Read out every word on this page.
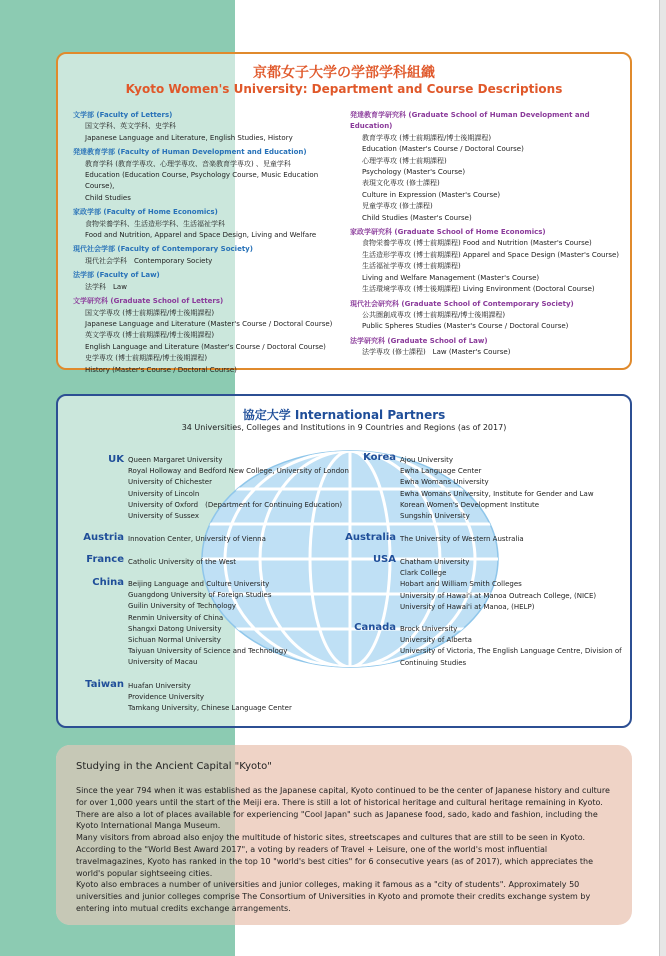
京都女子大学の学部学科組織
Kyoto Women's University: Department and Course Descriptions
文学部 (Faculty of Letters)
国文学科、英文学科、史学科
Japanese Language and Literature, English Studies, History
発達教育学部 (Faculty of Human Development and Education)
教育学科 (教育学専攻、心理学専攻、音楽教育学専攻) 、児童学科
Education (Education Course, Psychology Course, Music Education Course),
Child Studies
家政学部 (Faculty of Home Economics)
食物栄養学科、生活造形学科、生活福祉学科
Food and Nutrition, Apparel and Space Design, Living and Welfare
現代社会学部 (Faculty of Contemporary Society)
現代社会学科　Contemporary Society
法学部 (Faculty of Law)
法学科　Law
文学研究科 (Graduate School of Letters)
国文学専攻 (博士前期課程/博士後期課程)
Japanese Language and Literature (Master's Course / Doctoral Course)
英文学専攻 (博士前期課程/博士後期課程)
English Language and Literature (Master's Course / Doctoral Course)
史学専攻 (博士前期課程/博士後期課程)
History (Master's Course / Doctoral Course)
発達教育学研究科 (Graduate School of Human Development and Education)
教育学専攻 (博士前期課程/博士後期課程)
Education (Master's Course / Doctoral Course)
心理学専攻 (博士前期課程)
Psychology (Master's Course)
表現文化専攻 (修士課程)
Culture in Expression (Master's Course)
児童学専攻 (修士課程)
Child Studies (Master's Course)
家政学研究科 (Graduate School of Home Economics)
食物栄養学専攻 (博士前期課程) Food and Nutrition (Master's Course)
生活造形学専攻 (博士前期課程) Apparel and Space Design (Master's Course)
生活福祉学専攻 (博士前期課程)
Living and Welfare Management (Master's Course)
生活環境学専攻 (博士後期課程) Living Environment (Doctoral Course)
現代社会研究科 (Graduate School of Contemporary Society)
公共圏創成専攻 (博士前期課程/博士後期課程)
Public Spheres Studies (Master's Course / Doctoral Course)
法学研究科 (Graduate School of Law)
法学専攻 (修士課程)　Law (Master's Course)
協定大学 International Partners
34 Universities, Colleges and Institutions in 9 Countries and Regions (as of 2017)
UK Queen Margaret University
Royal Holloway and Bedford New College, University of London
University of Chichester
University of Lincoln
University of Oxford　(Department for Continuing Education)
University of Sussex
Austria Innovation Center, University of Vienna
France Catholic University of the West
China Beijing Language and Culture University
Guangdong University of Foreign Studies
Guilin University of Technology
Renmin University of China
Shangxi Datong University
Sichuan Normal University
Taiyuan University of Science and Technology
University of Macau
Taiwan Huafan University
Providence University
Tamkang University, Chinese Language Center
Korea Ajou University
Ewha Language Center
Ewha Womans University
Ewha Womans University, Institute for Gender and Law
Korean Women's Development Institute
Sungshin University
Australia The University of Western Australia
USA Chatham University
Clark College
Hobart and William Smith Colleges
University of Hawai'i at Manoa Outreach College, (NICE)
University of Hawai'i at Manoa, (HELP)
Canada Brock University
University of Alberta
University of Victoria, The English Language Centre, Division of
Continuing Studies
Studying in the Ancient Capital "Kyoto"

Since the year 794 when it was established as the Japanese capital, Kyoto continued to be the center of Japanese history and culture for over 1,000 years until the start of the Meiji era. There is still a lot of historical heritage and cultural heritage remaining in Kyoto. There are also a lot of places available for experiencing "Cool Japan" such as Japanese food, sado, kado and fashion, including the Kyoto International Manga Museum.

Many visitors from abroad also enjoy the multitude of historic sites, streetscapes and cultures that are still to be seen in Kyoto. According to the "World Best Award 2017", a voting by readers of Travel + Leisure, one of the world's most influential travelmagazines, Kyoto has ranked in the top 10 "world's best cities" for 6 consecutive years (as of 2017), which appreciates the world's popular sightseeing cities.

Kyoto also embraces a number of universities and junior colleges, making it famous as a "city of students". Approximately 50 universities and junior colleges comprise The Consortium of Universities in Kyoto and promote their credits exchange system by entering into mutual credits exchange arrangements.
